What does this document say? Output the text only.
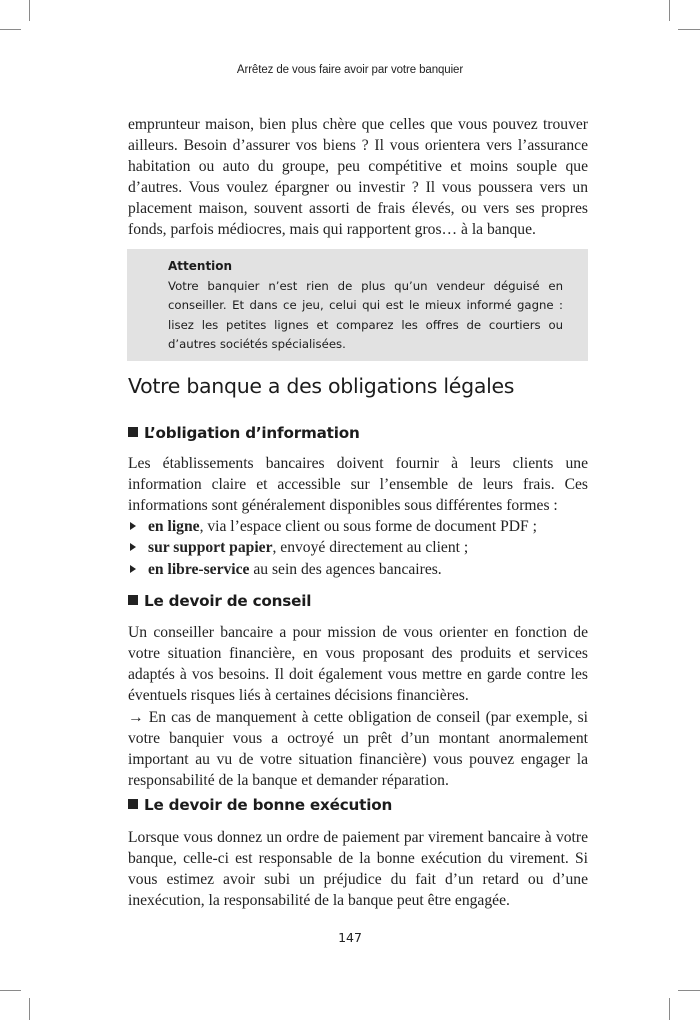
Arrêtez de vous faire avoir par votre banquier

emprunteur maison, bien plus chère que celles que vous pouvez trouver ailleurs. Besoin d’assurer vos biens ? Il vous orientera vers l’assurance habitation ou auto du groupe, peu compétitive et moins souple que d’autres. Vous voulez épargner ou investir ? Il vous poussera vers un placement maison, souvent assorti de frais élevés, ou vers ses propres fonds, parfois médiocres, mais qui rapportent gros… à la banque.

Attention
Votre banquier n’est rien de plus qu’un vendeur déguisé en conseiller. Et dans ce jeu, celui qui est le mieux informé gagne : lisez les petites lignes et comparez les offres de courtiers ou d’autres sociétés spécialisées.
Votre banque a des obligations légales
L’obligation d’information

Les établissements bancaires doivent fournir à leurs clients une information claire et accessible sur l’ensemble de leurs frais. Ces informations sont généralement disponibles sous différentes formes :

en ligne, via l’espace client ou sous forme de document PDF ;
sur support papier, envoyé directement au client ;
en libre-service au sein des agences bancaires.
Le devoir de conseil

Un conseiller bancaire a pour mission de vous orienter en fonction de votre situation financière, en vous proposant des produits et services adaptés à vos besoins. Il doit également vous mettre en garde contre les éventuels risques liés à certaines décisions financières.

→ En cas de manquement à cette obligation de conseil (par exemple, si votre banquier vous a octroyé un prêt d’un montant anormalement important au vu de votre situation financière) vous pouvez engager la responsabilité de la banque et demander réparation.

Le devoir de bonne exécution

Lorsque vous donnez un ordre de paiement par virement bancaire à votre banque, celle-ci est responsable de la bonne exécution du virement. Si vous estimez avoir subi un préjudice du fait d’un retard ou d’une inexécution, la responsabilité de la banque peut être engagée.

147
